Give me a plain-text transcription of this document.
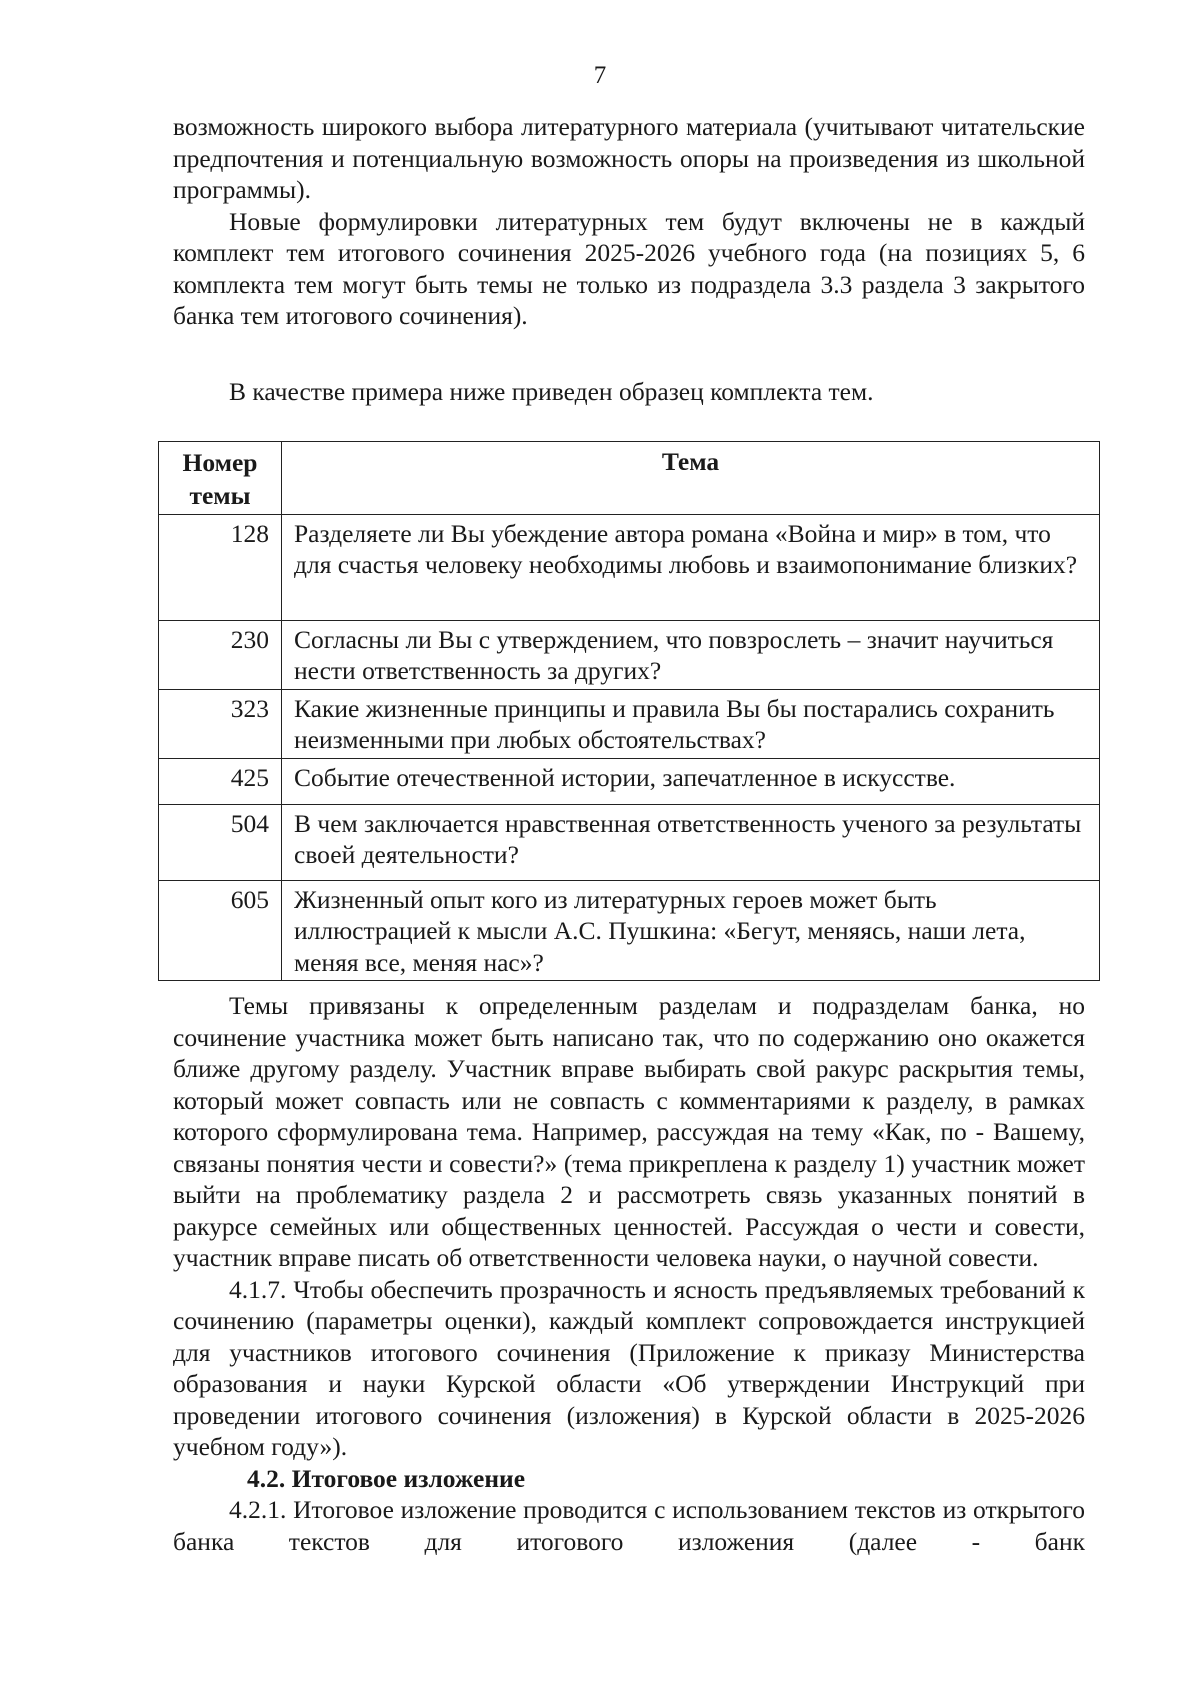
7

возможность широкого выбора литературного материала (учитывают читательские предпочтения и потенциальную возможность опоры на произведения из школьной программы).

Новые формулировки литературных тем будут включены не в каждый комплект тем итогового сочинения 2025-2026 учебного года (на позициях 5, 6 комплекта тем могут быть темы не только из подраздела 3.3 раздела 3 закрытого банка тем итогового сочинения).

В качестве примера ниже приведен образец комплекта тем.

Номер темы	Тема
128	Разделяете ли Вы убеждение автора романа «Война и мир» в том, что для счастья человеку необходимы любовь и взаимопонимание близких?
230	Согласны ли Вы с утверждением, что повзрослеть – значит научиться нести ответственность за других?
323	Какие жизненные принципы и правила Вы бы постарались сохранить неизменными при любых обстоятельствах?
425	Событие отечественной истории, запечатленное в искусстве.
504	В чем заключается нравственная ответственность ученого за результаты своей деятельности?
605	Жизненный опыт кого из литературных героев может быть иллюстрацией к мысли А.С. Пушкина: «Бегут, меняясь, наши лета, меняя все, меняя нас»?

Темы привязаны к определенным разделам и подразделам банка, но сочинение участника может быть написано так, что по содержанию оно окажется ближе другому разделу. Участник вправе выбирать свой ракурс раскрытия темы, который может совпасть или не совпасть с комментариями к разделу, в рамках которого сформулирована тема. Например, рассуждая на тему «Как, по - Вашему, связаны понятия чести и совести?» (тема прикреплена к разделу 1) участник может выйти на проблематику раздела 2 и рассмотреть связь указанных понятий в ракурсе семейных или общественных ценностей. Рассуждая о чести и совести, участник вправе писать об ответственности человека науки, о научной совести.

4.1.7. Чтобы обеспечить прозрачность и ясность предъявляемых требований к сочинению (параметры оценки), каждый комплект сопровождается инструкцией для участников итогового сочинения (Приложение к приказу Министерства образования и науки Курской области «Об утверждении Инструкций при проведении итогового сочинения (изложения) в Курской области в 2025-2026 учебном году»).

4.2. Итоговое изложение

4.2.1. Итоговое изложение проводится с использованием текстов из открытого банка текстов для итогового изложения (далее - банк
